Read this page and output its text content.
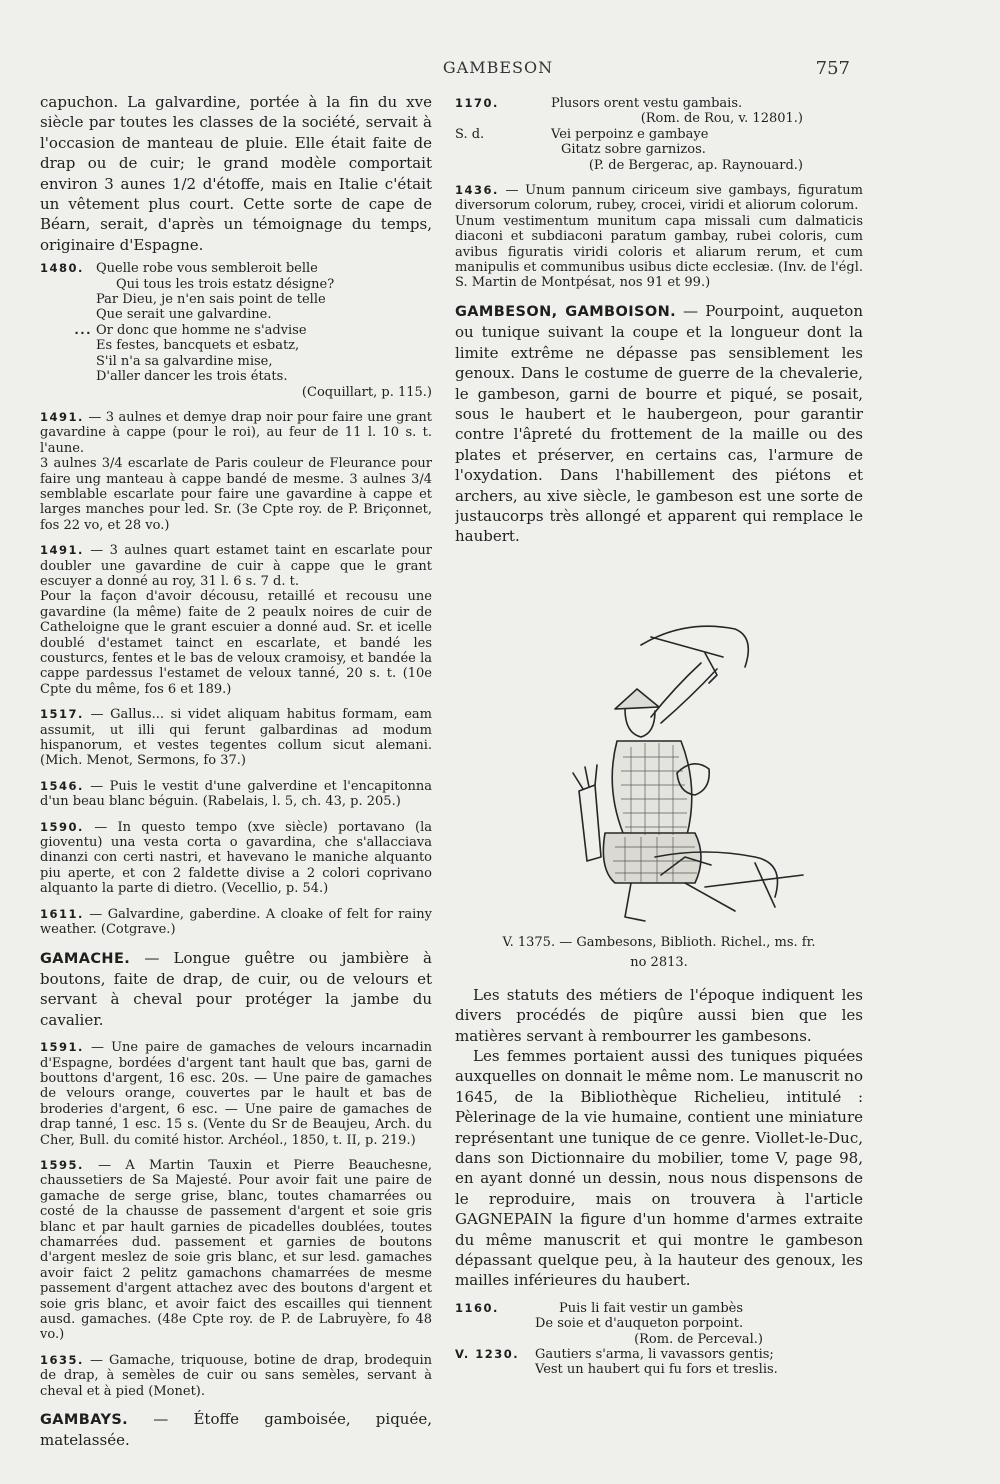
GAMBESON	757

capuchon. La galvardine, portée à la fin du xve siècle par toutes les classes de la société, servait à l'occasion de manteau de pluie. Elle était faite de drap ou de cuir; le grand modèle comportait environ 3 aunes 1/2 d'étoffe, mais en Italie c'était un vêtement plus court. Cette sorte de cape de Béarn, serait, d'après un témoignage du temps, originaire d'Espagne.

1480. Quelle robe vous sembleroit belle
Qui tous les trois estatz désigne?
Par Dieu, je n'en sais point de telle
Que serait une galvardine.
... Or donc que homme ne s'advise
Es festes, bancquets et esbatz,
S'il n'a sa galvardine mise,
D'aller dancer les trois états.
(Coquillart, p. 115.)

1491. — 3 aulnes et demye drap noir pour faire une grant gavardine à cappe (pour le roi), au feur de 11 l. 10 s. t. l'aune.

3 aulnes 3/4 escarlate de Paris couleur de Fleurance pour faire ung manteau à cappe bandé de mesme. 3 aulnes 3/4 semblable escarlate pour faire une gavardine à cappe et larges manches pour led. Sr. (3e Cpte roy. de P. Briçonnet, fos 22 vo, et 28 vo.)

1491. — 3 aulnes quart estamet taint en escarlate pour doubler une gavardine de cuir à cappe que le grant escuyer a donné au roy, 31 l. 6 s. 7 d. t.

Pour la façon d'avoir décousu, retaillé et recousu une gavardine (la même) faite de 2 peaulx noires de cuir de Catheloigne que le grant escuier a donné aud. Sr. et icelle doublé d'estamet tainct en escarlate, et bandé les cousturcs, fentes et le bas de veloux cramoisy, et bandée la cappe pardessus l'estamet de veloux tanné, 20 s. t. (10e Cpte du même, fos 6 et 189.)

1517. — Gallus... si videt aliquam habitus formam, eam assumit, ut illi qui ferunt galbardinas ad modum hispanorum, et vestes tegentes collum sicut alemani. (Mich. Menot, Sermons, fo 37.)

1546. — Puis le vestit d'une galverdine et l'encapitonna d'un beau blanc béguin. (Rabelais, l. 5, ch. 43, p. 205.)

1590. — In questo tempo (xve siècle) portavano (la gioventu) una vesta corta o gavardina, che s'allacciava dinanzi con certi nastri, et havevano le maniche alquanto piu aperte, et con 2 faldette divise a 2 colori coprivano alquanto la parte di dietro. (Vecellio, p. 54.)

1611. — Galvardine, gaberdine. A cloake of felt for rainy weather. (Cotgrave.)

GAMACHE. — Longue guêtre ou jambière à boutons, faite de drap, de cuir, ou de velours et servant à cheval pour protéger la jambe du cavalier.

1591. — Une paire de gamaches de velours incarnadin d'Espagne, bordées d'argent tant hault que bas, garni de bouttons d'argent, 16 esc. 20s. — Une paire de gamaches de velours orange, couvertes par le hault et bas de broderies d'argent, 6 esc. — Une paire de gamaches de drap tanné, 1 esc. 15 s. (Vente du Sr de Beaujeu, Arch. du Cher, Bull. du comité histor. Archéol., 1850, t. II, p. 219.)

1595. — A Martin Tauxin et Pierre Beauchesne, chaussetiers de Sa Majesté. Pour avoir fait une paire de gamache de serge grise, blanc, toutes chamarrées ou costé de la chausse de passement d'argent et soie gris blanc et par hault garnies de picadelles doublées, toutes chamarrées dud. passement et garnies de boutons d'argent meslez de soie gris blanc, et sur lesd. gamaches avoir faict 2 pelitz gamachons chamarrées de mesme passement d'argent attachez avec des boutons d'argent et soie gris blanc, et avoir faict des escailles qui tiennent ausd. gamaches. (48e Cpte roy. de P. de Labruyère, fo 48 vo.)

1635. — Gamache, triquouse, botine de drap, brodequin de drap, à semèles de cuir ou sans semèles, servant à cheval et à pied (Monet).

GAMBAYS. — Étoffe gamboisée, piquée, matelassée.

1170.	Plusors orent vestu gambais.
(Rom. de Rou, v. 12801.)
S. d.	Vei perpoinz e gambaye
Gitatz sobre garnizos.
(P. de Bergerac, ap. Raynouard.)

1436. — Unum pannum ciriceum sive gambays, figuratum diversorum colorum, rubey, crocei, viridi et aliorum colorum.

Unum vestimentum munitum capa missali cum dalmaticis diaconi et subdiaconi paratum gambay, rubei coloris, cum avibus figuratis viridi coloris et aliarum rerum, et cum manipulis et communibus usibus dicte ecclesiæ. (Inv. de l'égl. S. Martin de Montpésat, nos 91 et 99.)

GAMBESON, GAMBOISON. — Pourpoint, auqueton ou tunique suivant la coupe et la longueur dont la limite extrême ne dépasse pas sensiblement les genoux. Dans le costume de guerre de la chevalerie, le gambeson, garni de bourre et piqué, se posait, sous le haubert et le haubergeon, pour garantir contre l'âpreté du frottement de la maille ou des plates et préserver, en certains cas, l'armure de l'oxydation. Dans l'habillement des piétons et archers, au xive siècle, le gambeson est une sorte de justaucorps très allongé et apparent qui remplace le haubert.

V. 1375. — Gambesons, Biblioth. Richel., ms. fr.
no 2813.

Les statuts des métiers de l'époque indiquent les divers procédés de piqûre aussi bien que les matières servant à rembourrer les gambesons.

Les femmes portaient aussi des tuniques piquées auxquelles on donnait le même nom. Le manuscrit no 1645, de la Bibliothèque Richelieu, intitulé : Pèlerinage de la vie humaine, contient une miniature représentant une tunique de ce genre. Viollet-le-Duc, dans son Dictionnaire du mobilier, tome V, page 98, en ayant donné un dessin, nous nous dispensons de le reproduire, mais on trouvera à l'article GAGNEPAIN la figure d'un homme d'armes extraite du même manuscrit et qui montre le gambeson dépassant quelque peu, à la hauteur des genoux, les mailles inférieures du haubert.

1160.	Puis li fait vestir un gambès
De soie et d'auqueton porpoint.
(Rom. de Perceval.)
V. 1230.	Gautiers s'arma, li vavassors gentis;
Vest un haubert qui fu fors et treslis.
